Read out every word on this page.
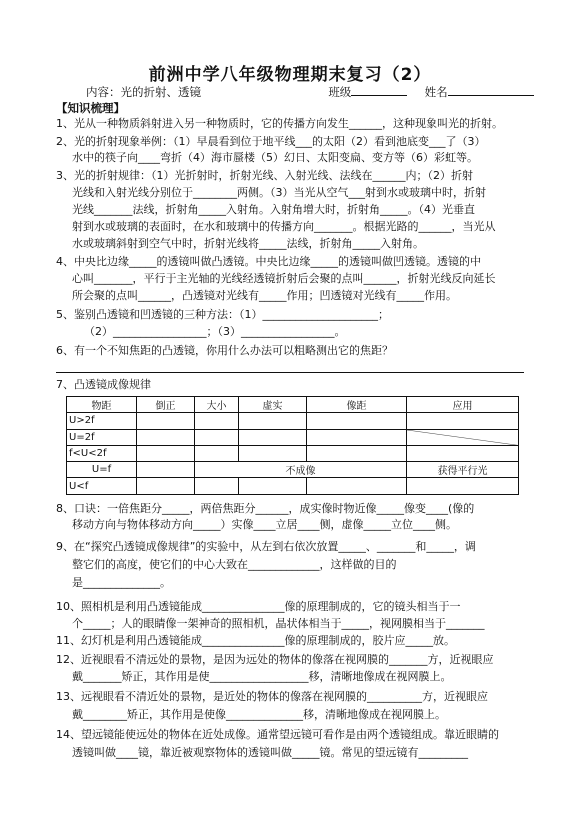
前洲中学八年级物理期末复习（2）
内容：光的折射、透镜	班级	姓名
【知识梳理】
1、光从一种物质斜射进入另一种物质时，它的传播方向发生______，这种现象叫光的折射。
2、光的折射现象举例：（1）早晨看到位于地平线___的太阳（2）看到池底变___了（3）
水中的筷子向____弯折（4）海市蜃楼（5）幻日、太阳变扁、变方等（6）彩虹等。
3、光的折射规律：（1）光折射时，折射光线、入射光线、法线在______内；（2）折射
光线和入射光线分别位于________两侧。（3）当光从空气___射到水或玻璃中时，折射
光线_______法线，折射角_____入射角。入射角增大时，折射角_____。（4）光垂直
射到水或玻璃的表面时，在水和玻璃中的传播方向_______。根据光路的______，当光从
水或玻璃斜射到空气中时，折射光线将_____法线，折射角_____入射角。
4、中央比边缘_____的透镜叫做凸透镜。中央比边缘_____的透镜叫做凹透镜。透镜的中
心叫_______，平行于主光轴的光线经透镜折射后会聚的点叫______，折射光线反向延长
所会聚的点叫______，凸透镜对光线有_____作用；凹透镜对光线有_____作用。
5、鉴别凸透镜和凹透镜的三种方法：（1）_____________________；
（2）_________________；（3）_________________。
6、有一个不知焦距的凸透镜，你用什么办法可以粗略测出它的焦距？
7、凸透镜成像规律
物距	倒正	大小	虚实	像距	应用
U>2f					
U=2f					

f<U<2f					
U=f		不成像			获得平行光
U<f					
8、口诀：一倍焦距分_____，两倍焦距分______，成实像时物近像_____像变____(像的
移动方向与物体移动方向_____）实像____立居____侧，虚像_____立位____侧。
9、在“探究凸透镜成像规律”的实验中，从左到右依次放置_____、_______和_____，调
整它们的高度，使它们的中心大致在_____________，这样做的目的
是______________。
10、照相机是利用凸透镜能成_______________像的原理制成的，它的镜头相当于一
个_____；人的眼睛像一架神奇的照相机，晶状体相当于_____，视网膜相当于_______
11、幻灯机是利用凸透镜能成_______________像的原理制成的，胶片应_____放。
12、近视眼看不清远处的景物，是因为远处的物体的像落在视网膜的_______方，近视眼应
戴_______矫正，其作用是使__________________移，清晰地像成在视网膜上。
13、远视眼看不清近处的景物，是近处的物体的像落在视网膜的__________方，近视眼应
戴________矫正，其作用是使像______________移，清晰地像成在视网膜上。
14、望远镜能使远处的物体在近处成像。通常望远镜可看作是由两个透镜组成。靠近眼睛的
透镜叫做____镜，靠近被观察物体的透镜叫做_____镜。常见的望远镜有_________
